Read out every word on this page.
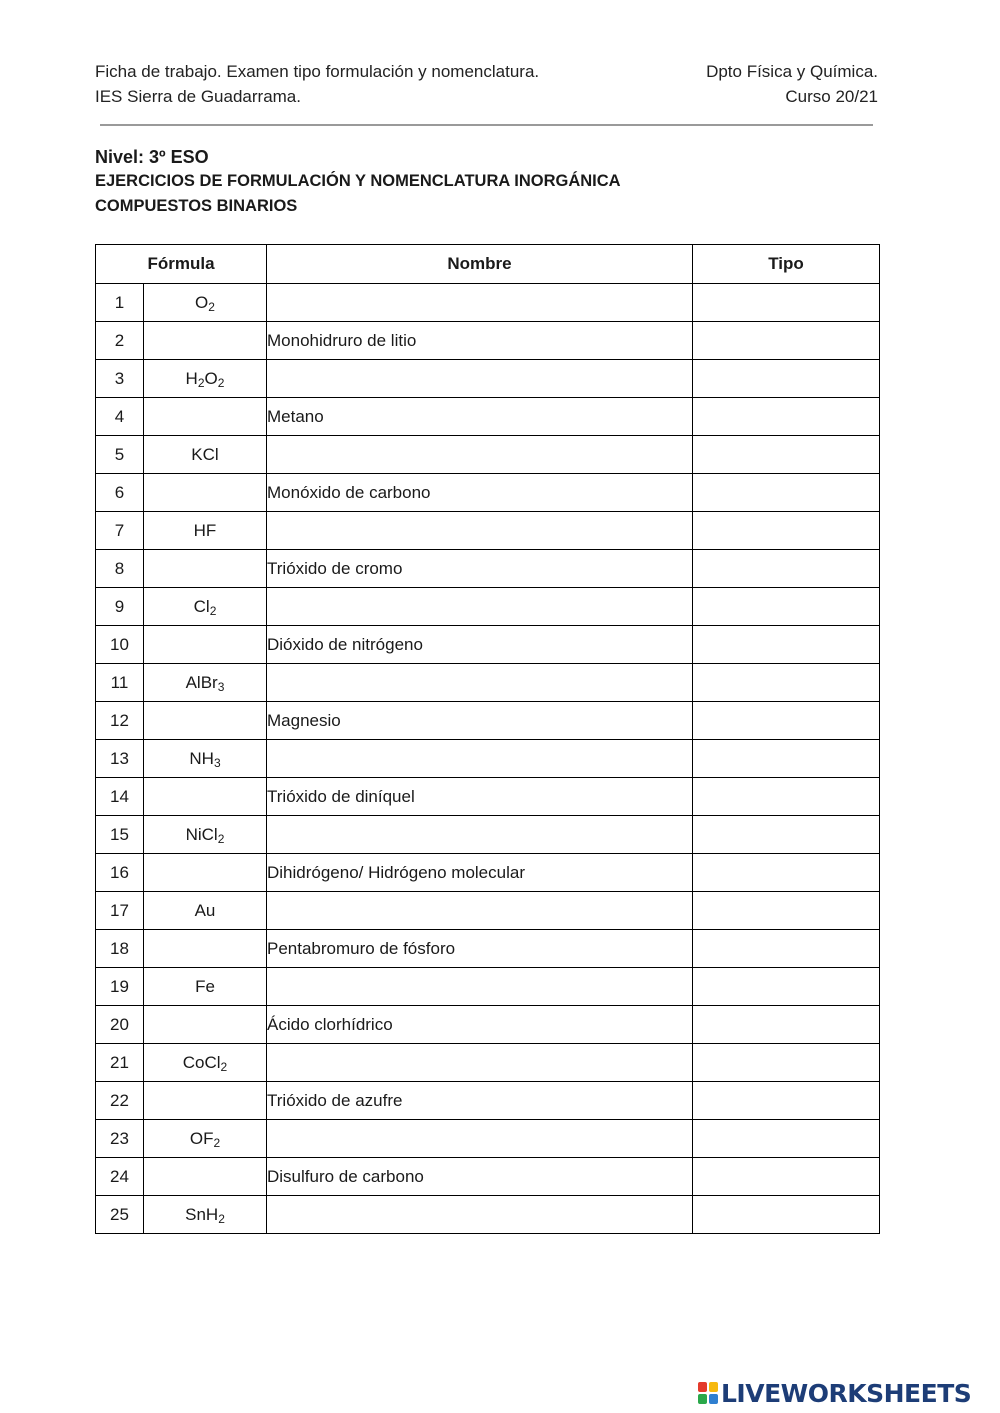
Ficha de trabajo. Examen tipo formulación y nomenclatura.
IES Sierra de Guadarrama.
Dpto Física y Química.
Curso 20/21
Nivel: 3º ESO
EJERCICIOS DE FORMULACIÓN Y NOMENCLATURA INORGÁNICA
COMPUESTOS BINARIOS
Fórmula		Nombre	Tipo
1	$O_2$		
2		Monohidruro de litio	
3	$H_2O_2$		
4		Metano	
5	KCl		
6		Monóxido de carbono	
7	HF		
8		Trióxido de cromo	
9	$Cl_2$		
10		Dióxido de nitrógeno	
11	AlBr$_3$		
12		Magnesio	
13	$NH_3$		
14		Trióxido de diníquel	
15	NiCl$_2$		
16		Dihidrógeno/ Hidrógeno molecular	
17	Au		
18		Pentabromuro de fósforo	
19	Fe		
20		Ácido clorhídrico	
21	CoCl$_2$		
22		Trióxido de azufre	
23	$OF_2$		
24		Disulfuro de carbono	
25	SnH$_2$		
LIVEWORKSHEETS
